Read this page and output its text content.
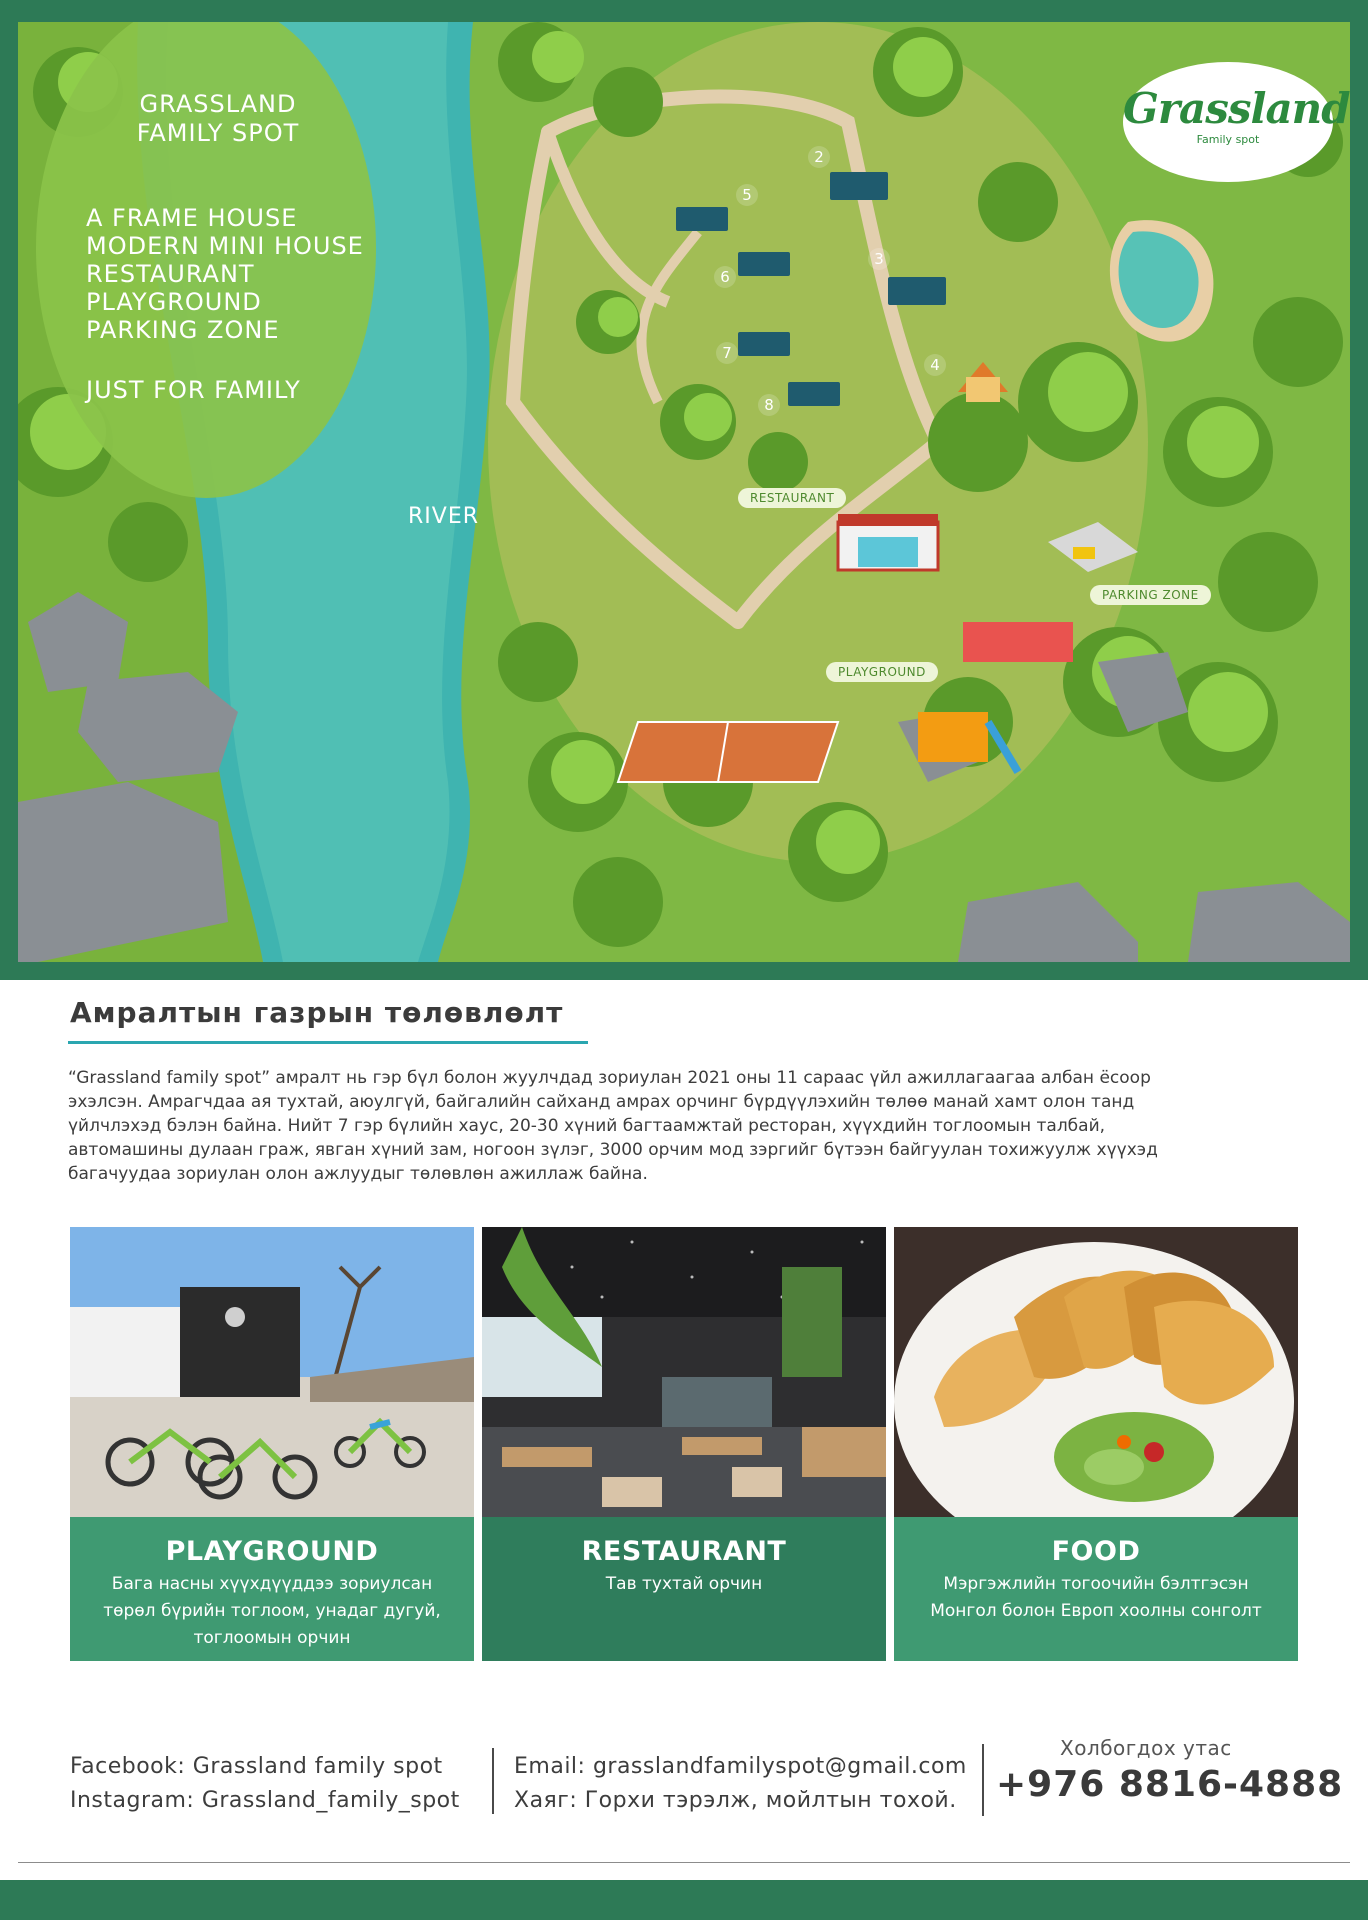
GRASSLAND
FAMILY SPOT
A FRAME HOUSE
MODERN MINI HOUSE
RESTAURANT
PLAYGROUND
PARKING ZONE
JUST FOR FAMILY
RIVER
RESTAURANT
PARKING ZONE
PLAYGROUND
2
3
4
5
6
7
8
Grassland
Family spot
Амралтын газрын төлөвлөлт
“Grassland family spot” амралт нь гэр бүл болон жуулчдад зориулан 2021 оны 11 сараас үйл ажиллагаагаа албан ёсоор эхэлсэн. Амрагчдаа ая тухтай, аюулгүй, байгалийн сайханд амрах орчинг бүрдүүлэхийн төлөө манай хамт олон танд үйлчлэхэд бэлэн байна. Нийт 7 гэр бүлийн хаус, 20-30 хүний багтаамжтай ресторан, хүүхдийн тоглоомын талбай, автомашины дулаан граж, явган хүний зам, ногоон зүлэг, 3000 орчим мод зэргийг бүтээн байгуулан тохижуулж хүүхэд багачуудаа зориулан олон ажлуудыг төлөвлөн ажиллаж байна.
PLAYGROUND
Бага насны хүүхдүүддээ зориулсан төрөл бүрийн тоглоом, унадаг дугуй, тоглоомын орчин
RESTAURANT
Тав тухтай орчин
FOOD
Мэргэжлийн тогоочийн бэлтгэсэн Монгол болон Европ хоолны сонголт
Facebook: Grassland family spot
Instagram: Grassland_family_spot
Email: grasslandfamilyspot@gmail.com
Хаяг: Горхи тэрэлж, мойлтын тохой.
Холбогдох утас
+976 8816-4888
